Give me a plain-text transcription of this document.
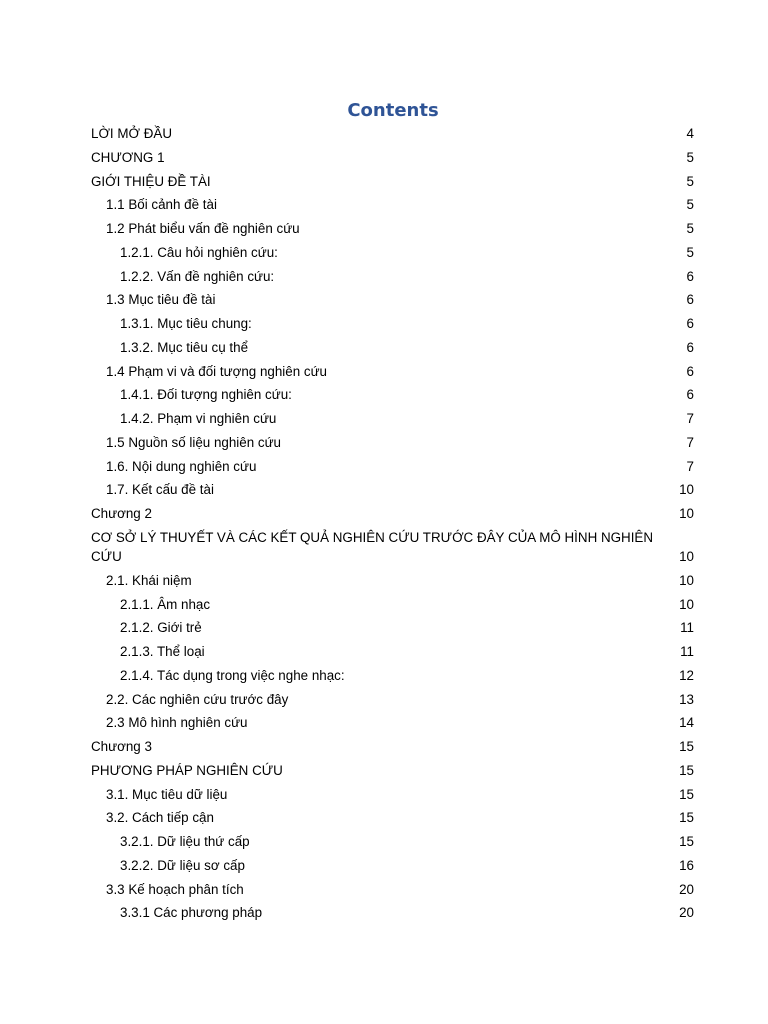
Contents
LỜI MỞ ĐẦU	4
CHƯƠNG 1	5
GIỚI THIỆU ĐỀ TÀI	5
1.1 Bối cảnh đề tài	5
1.2 Phát biểu vấn đề nghiên cứu	5
1.2.1. Câu hỏi nghiên cứu:	5
1.2.2. Vấn đề nghiên cứu:	6
1.3 Mục tiêu đề tài	6
1.3.1. Mục tiêu chung:	6
1.3.2. Mục tiêu cụ thể	6
1.4 Phạm vi và đối tượng nghiên cứu	6
1.4.1. Đối tượng nghiên cứu:	6
1.4.2. Phạm vi nghiên cứu	7
1.5 Nguồn số liệu nghiên cứu	7
1.6. Nội dung nghiên cứu	7
1.7. Kết cấu đề tài	10
Chương 2	10
CƠ SỞ LÝ THUYẾT VÀ CÁC KẾT QUẢ NGHIÊN CỨU TRƯỚC ĐÂY CỦA MÔ HÌNH NGHIÊN
CỨU	10
2.1. Khái niệm	10
2.1.1. Âm nhạc	10
2.1.2. Giới trẻ	11
2.1.3. Thể loại	11
2.1.4. Tác dụng trong việc nghe nhạc:	12
2.2. Các nghiên cứu trước đây	13
2.3 Mô hình nghiên cứu	14
Chương 3	15
PHƯƠNG PHÁP NGHIÊN CỨU	15
3.1. Mục tiêu dữ liệu	15
3.2. Cách tiếp cận	15
3.2.1. Dữ liệu thứ cấp	15
3.2.2. Dữ liệu sơ cấp	16
3.3 Kế hoạch phân tích	20
3.3.1 Các phương pháp	20
